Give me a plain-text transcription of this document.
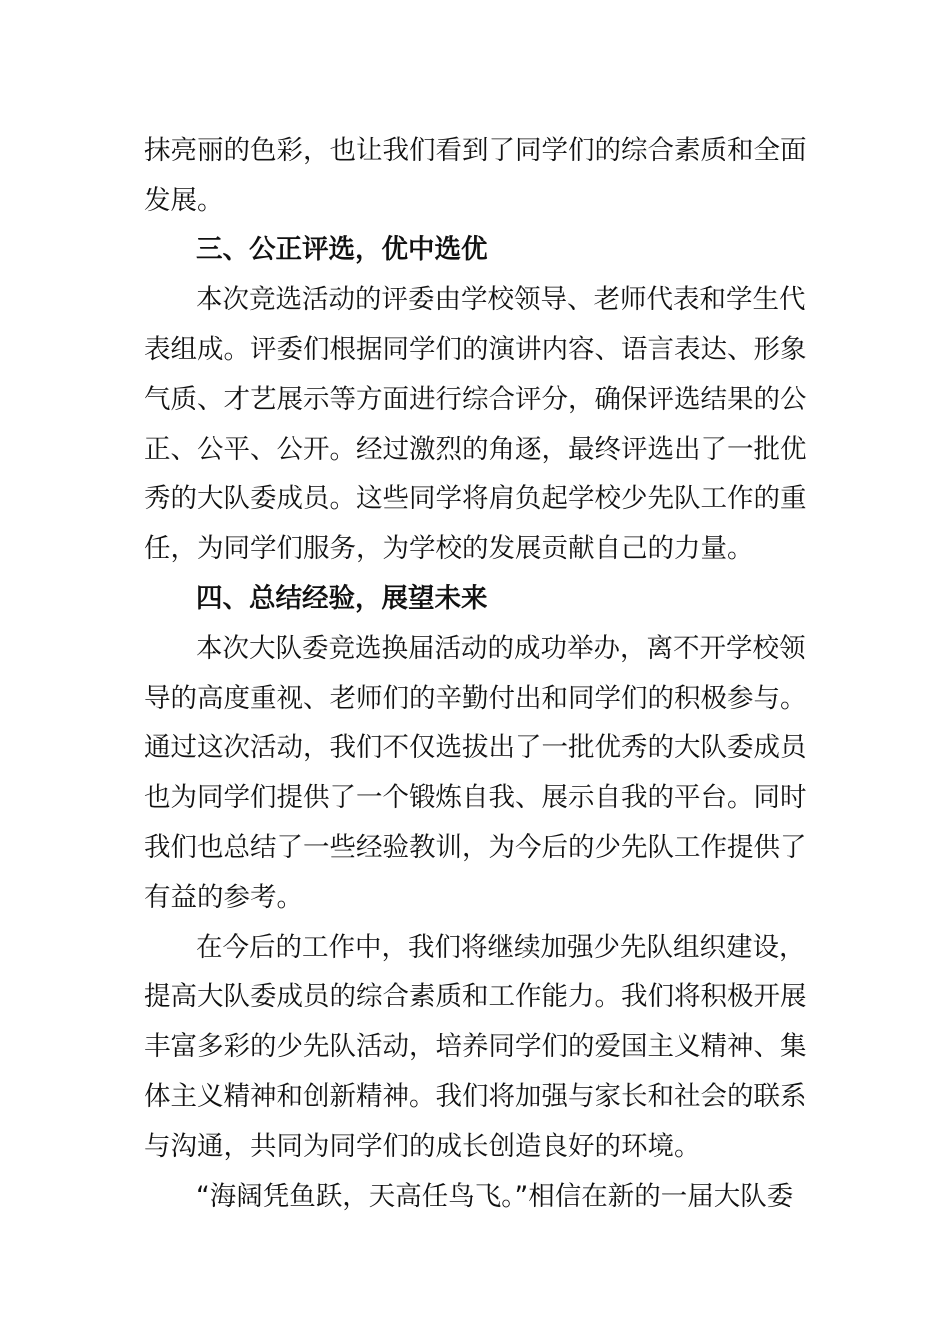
抹亮丽的色彩，也让我们看到了同学们的综合素质和全面
发展。
三、公正评选，优中选优
本次竞选活动的评委由学校领导、老师代表和学生代
表组成。评委们根据同学们的演讲内容、语言表达、形象
气质、才艺展示等方面进行综合评分，确保评选结果的公
正、公平、公开。经过激烈的角逐，最终评选出了一批优
秀的大队委成员。这些同学将肩负起学校少先队工作的重
任，为同学们服务，为学校的发展贡献自己的力量。
四、总结经验，展望未来
本次大队委竞选换届活动的成功举办，离不开学校领
导的高度重视、老师们的辛勤付出和同学们的积极参与。
通过这次活动，我们不仅选拔出了一批优秀的大队委成员
也为同学们提供了一个锻炼自我、展示自我的平台。同时
我们也总结了一些经验教训，为今后的少先队工作提供了
有益的参考。
在今后的工作中，我们将继续加强少先队组织建设，
提高大队委成员的综合素质和工作能力。我们将积极开展
丰富多彩的少先队活动，培养同学们的爱国主义精神、集
体主义精神和创新精神。我们将加强与家长和社会的联系
与沟通，共同为同学们的成长创造良好的环境。
“海阔凭鱼跃，天高任鸟飞。”相信在新的一届大队委
